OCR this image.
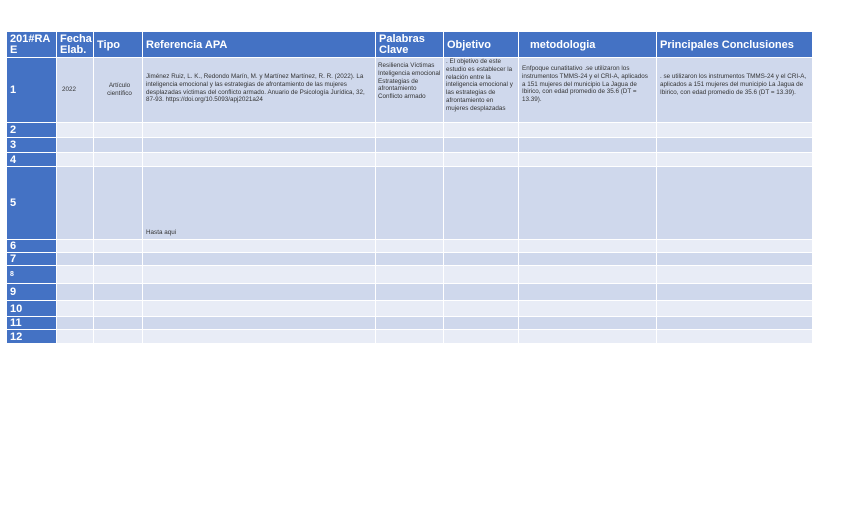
201#RA E	Fecha Elab.	Tipo	Referencia APA	Palabras Clave	Objetivo	metodologia	Principales Conclusiones
1	2022	Artículo científico	Jiménez Ruiz, L. K., Redondo Marín, M. y Martínez Martínez, R. R. (2022). La inteligencia emocional y las estrategias de afrontamiento de las mujeres desplazadas víctimas del conflicto armado. Anuario de Psicología Jurídica, 32, 87-93. https://doi.org/10.5093/apj2021a24	Resiliencia Víctimas Inteligencia emocional Estrategias de afrontamiento Conflicto armado	. El objetivo de este estudio es establecer la relación entre la inteligencia emocional y las estrategias de afrontamiento en mujeres desplazadas	Enfpoque cunatitativo .se utilizaron los instrumentos TMMS-24 y el CRI-A, aplicados a 151 mujeres del municipio La Jagua de Ibirico, con edad promedio de 35.6 (DT = 13.39).	. se utilizaron los instrumentos TMMS-24 y el CRI-A, aplicados a 151 mujeres del municipio La Jagua de Ibirico, con edad promedio de 35.6 (DT = 13.39).
2							
3							
4							
5			Hasta aqui				
6							
7							
8							
9							
10							
11							
12							
